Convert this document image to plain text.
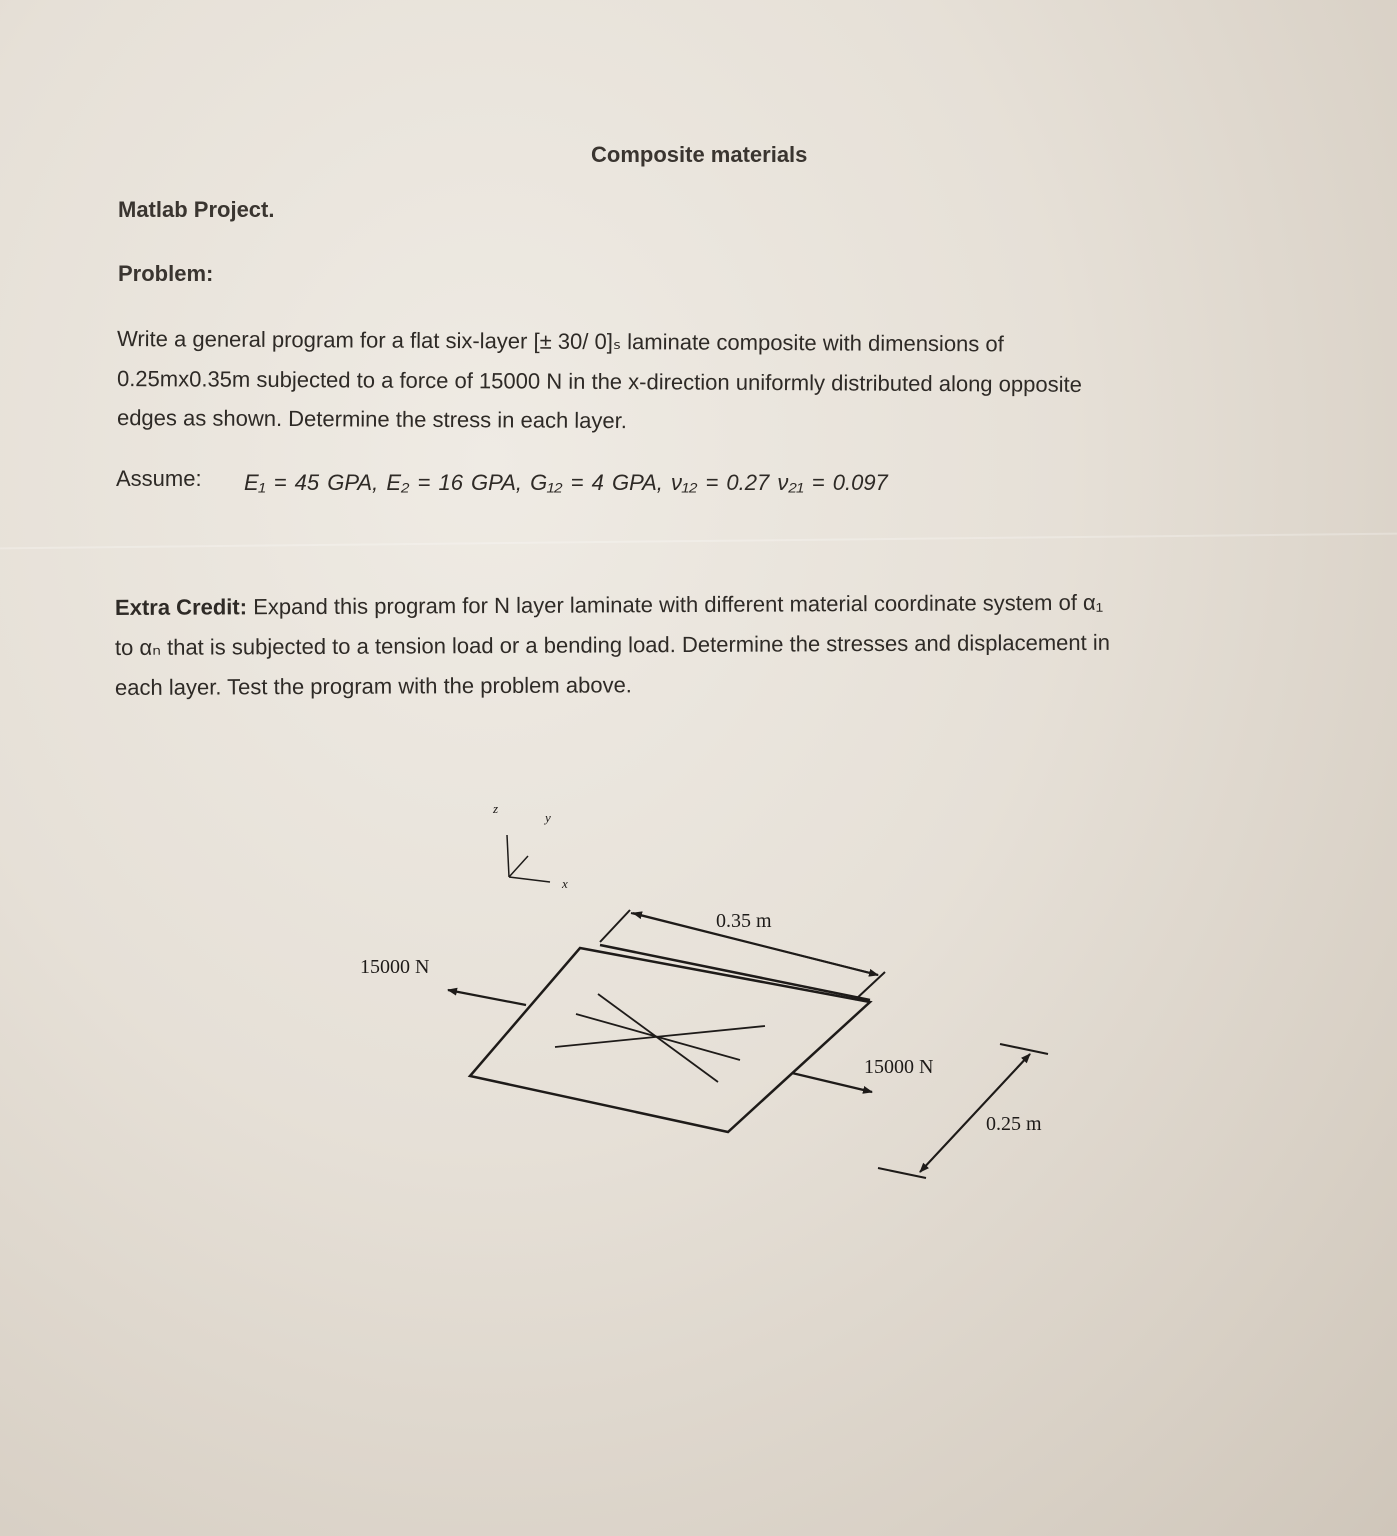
Composite materials
Matlab Project.
Problem:
Write a general program for a flat six-layer [± 30/ 0]ₛ laminate composite with dimensions of
0.25mx0.35m subjected to a force of 15000 N in the x-direction uniformly distributed along opposite
edges as shown. Determine the stress in each layer.
Assume: E₁ = 45 GPA, E₂ = 16 GPA, G₁₂ = 4 GPA, ν₁₂ = 0.27 ν₂₁ = 0.097
Extra Credit: Expand this program for N layer laminate with different material coordinate system of α₁
to αₙ that is subjected to a tension load or a bending load. Determine the stresses and displacement in
each layer. Test the program with the problem above.
z
y
x
0.35 m
15000 N
15000 N
0.25 m
